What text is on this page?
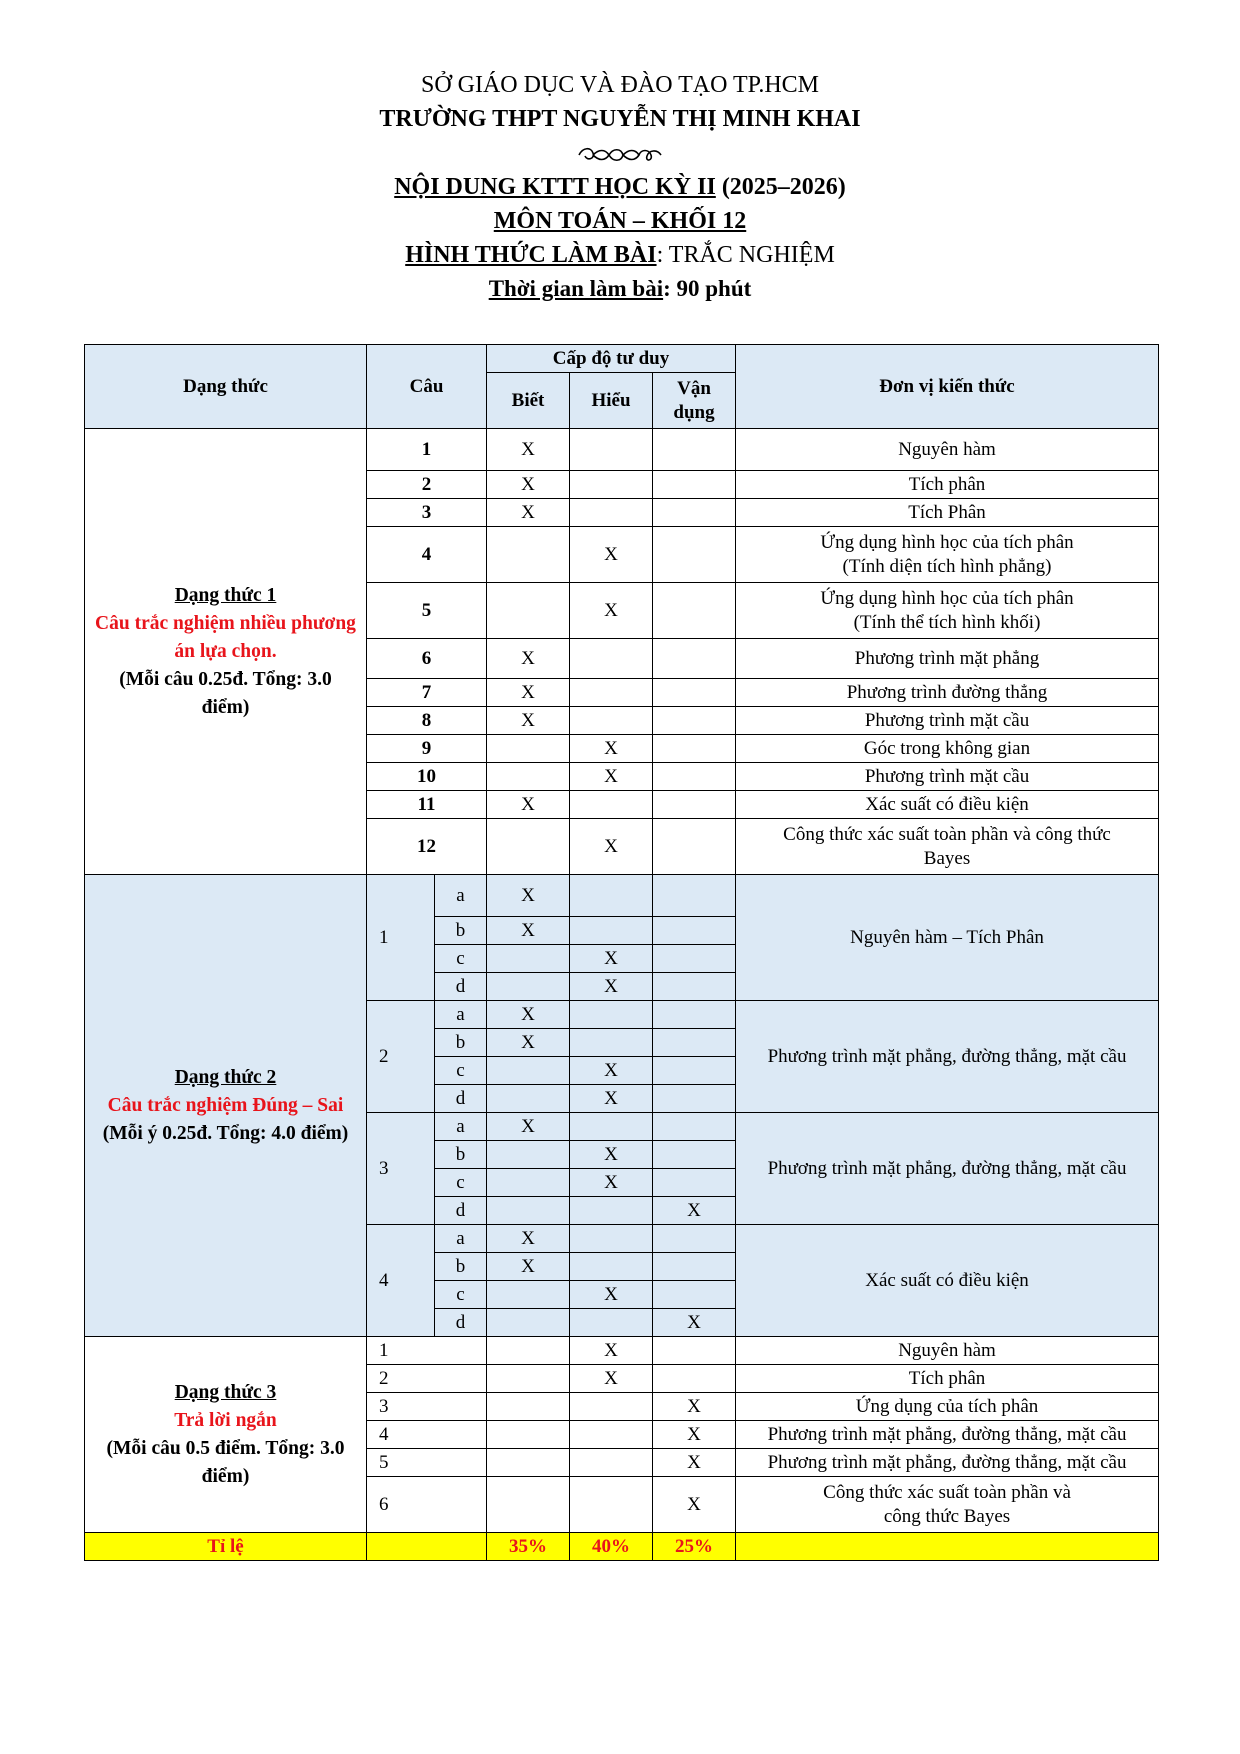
SỞ GIÁO DỤC VÀ ĐÀO TẠO TP.HCM
TRƯỜNG THPT NGUYỄN THỊ MINH KHAI
NỘI DUNG KTTT HỌC KỲ II (2025–2026)
MÔN TOÁN – KHỐI 12
HÌNH THỨC LÀM BÀI: TRẮC NGHIỆM
Thời gian làm bài: 90 phút
Dạng thức	Câu		Cấp độ tư duy			Đơn vị kiến thức
			Biết	Hiểu	Vận dụng	

Dạng thức 1
Câu trắc nghiệm nhiều phương án lựa chọn.
(Mỗi câu 0.25đ. Tổng: 3.0 điểm)	1		X			Nguyên hàm

	2		X			Tích phân

	3		X			Tích Phân

	4			X		Ứng dụng hình học của tích phân
(Tính diện tích hình phẳng)

	5			X		Ứng dụng hình học của tích phân
(Tính thể tích hình khối)

	6		X			Phương trình mặt phẳng

	7		X			Phương trình đường thẳng

	8		X			Phương trình mặt cầu

	9			X		Góc trong không gian

	10			X		Phương trình mặt cầu

	11		X			Xác suất có điều kiện

	12			X		Công thức xác suất toàn phần và công thức
Bayes

Dạng thức 2
Câu trắc nghiệm Đúng – Sai
(Mỗi ý 0.25đ. Tổng: 4.0 điểm)	1	a	X			Nguyên hàm – Tích Phân
		b	X			
		c		X		
		d		X		
	2	a	X			Phương trình mặt phẳng, đường thẳng, mặt cầu
		b	X			
		c		X		
		d		X		
	3	a	X			Phương trình mặt phẳng, đường thẳng, mặt cầu
		b		X		
		c		X		
		d			X	
	4	a	X			Xác suất có điều kiện
		b	X			
		c		X		
		d			X	

Dạng thức 3
Trả lời ngắn
(Mỗi câu 0.5 điểm. Tổng: 3.0 điểm)	1			X		Nguyên hàm

	2			X		Tích phân

	3				X	Ứng dụng của tích phân

	4				X	Phương trình mặt phẳng, đường thẳng, mặt cầu

	5				X	Phương trình mặt phẳng, đường thẳng, mặt cầu

	6				X	Công thức xác suất toàn phần và
công thức Bayes

Tỉ lệ			35%	40%	25%	
